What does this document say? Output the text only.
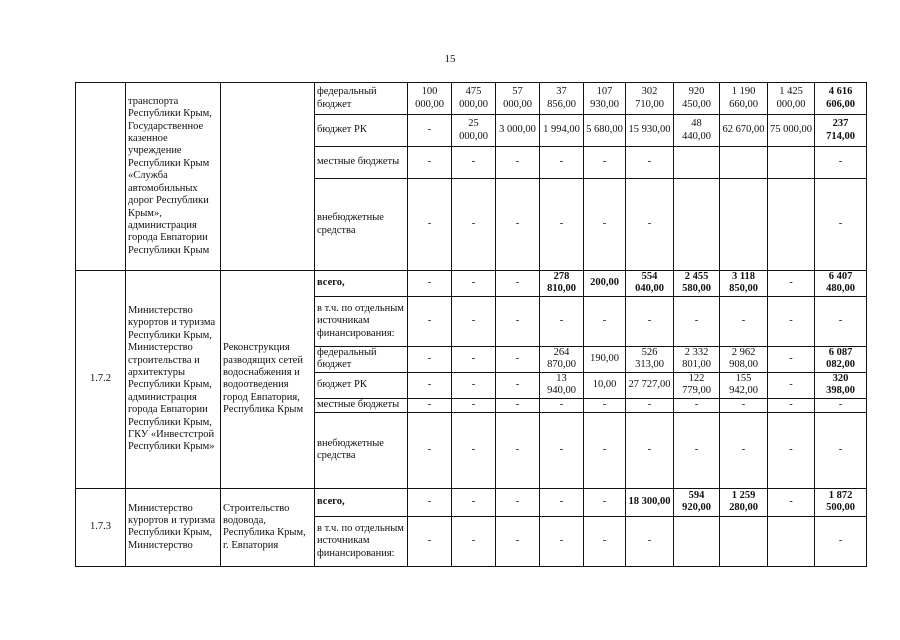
15
	транспорта Республики Крым, Государственное казенное учреждение Республики Крым «Служба автомобильных дорог Республики Крым», администрация города Евпатории Республики Крым		федеральный бюджет	100 000,00	475 000,00	57 000,00	37 856,00	107 930,00	302 710,00	920 450,00	1 190 660,00	1 425 000,00	4 616 606,00
			бюджет РК	-	25 000,00	3 000,00	1 994,00	5 680,00	15 930,00	48 440,00	62 670,00	75 000,00	237 714,00
			местные бюджеты	-	-	-	-	-	-				-
			внебюджетные средства	-	-	-	-	-	-				-
1.7.2	Министерство курортов и туризма Республики Крым, Министерство строительства и архитектуры Республики Крым, администрация города Евпатории Республики Крым, ГКУ «Инвестстрой Республики Крым»	Реконструкция разводящих сетей водоснабжения и водоотведения город Евпатория, Республика Крым	всего,	-	-	-	278 810,00	200,00	554 040,00	2 455 580,00	3 118 850,00	-	6 407 480,00
			в т.ч. по отдельным источникам финансирования:	-	-	-	-	-	-	-	-	-	-
			федеральный бюджет	-	-	-	264 870,00	190,00	526 313,00	2 332 801,00	2 962 908,00	-	6 087 082,00
			бюджет РК	-	-	-	13 940,00	10,00	27 727,00	122 779,00	155 942,00	-	320 398,00
			местные бюджеты	-	-	-	-	-	-	-	-	-	-
			внебюджетные средства	-	-	-	-	-	-	-	-	-	-
1.7.3	Министерство курортов и туризма Республики Крым, Министерство	Строительство водовода, Республика Крым, г. Евпатория	всего,	-	-	-	-	-	18 300,00	594 920,00	1 259 280,00	-	1 872 500,00
			в т.ч. по отдельным источникам финансирования:	-	-	-	-	-	-				-
